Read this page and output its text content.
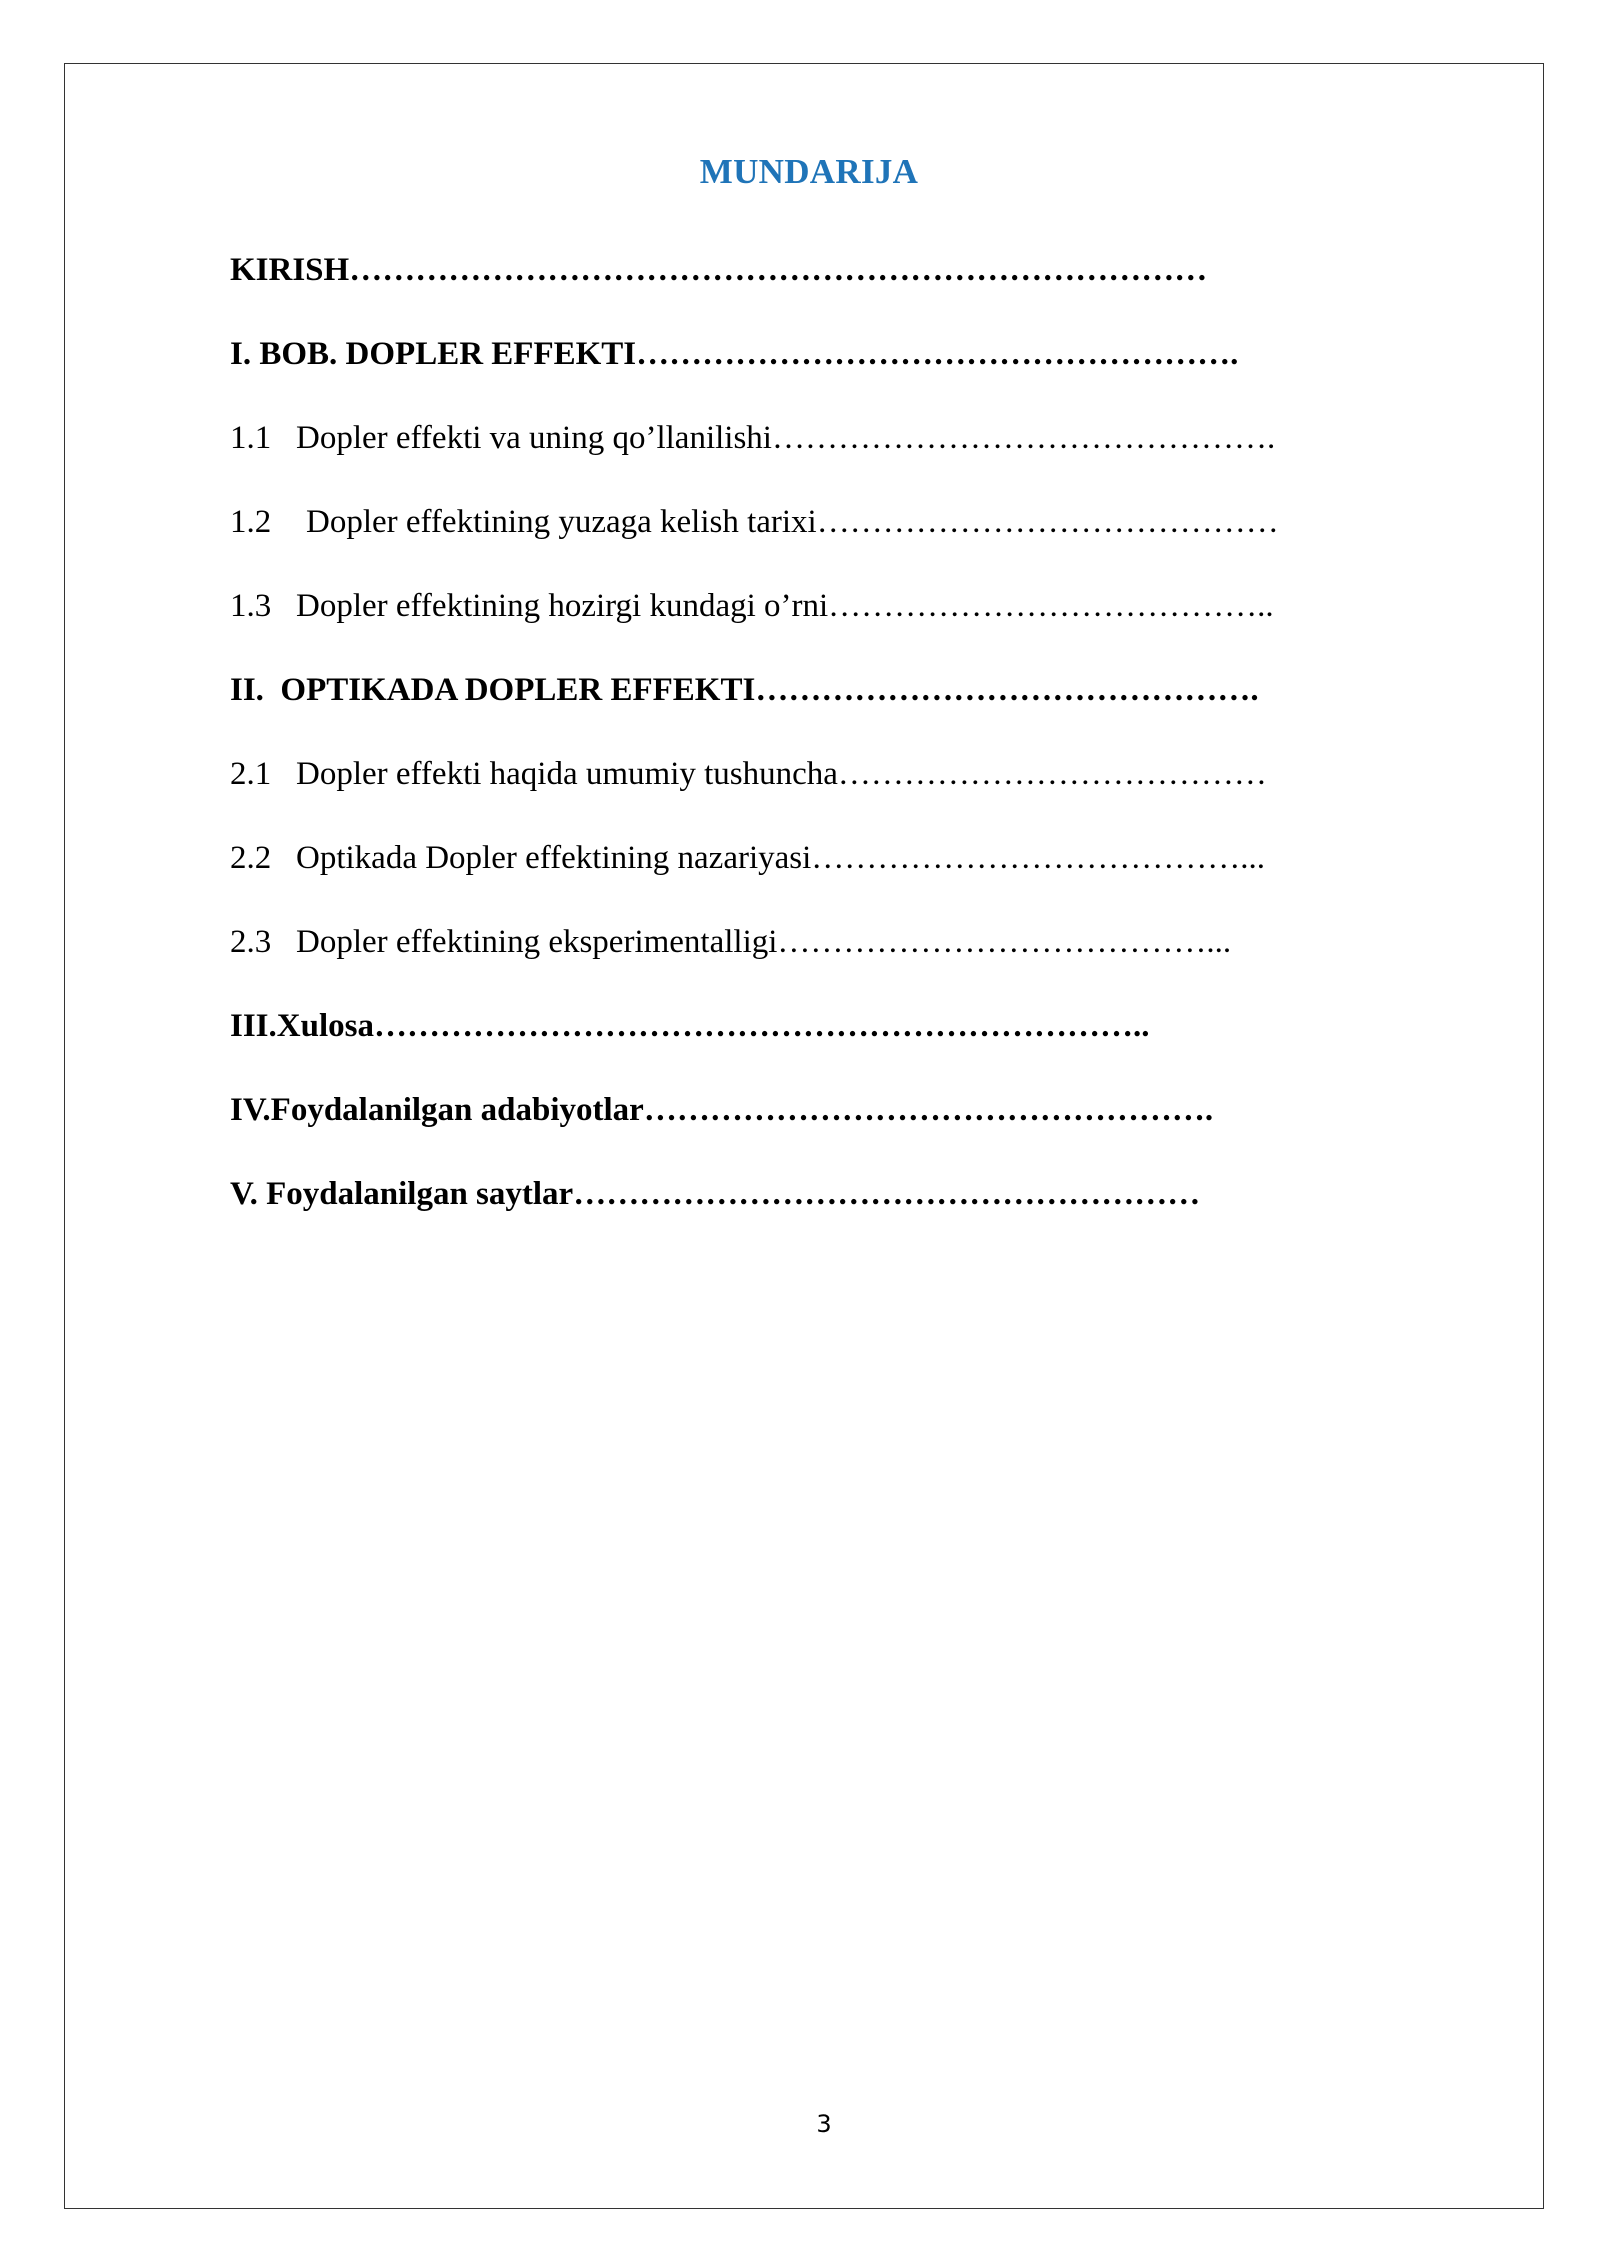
MUNDARIJA
KIRISH……………………………………………………………………
I. BOB. DOPLER EFFEKTI……………………………………………….
1.1 Dopler effekti va uning qo’llanilishi……………………………………….
1.2 Dopler effektining yuzaga kelish tarixi……………………………………
1.3 Dopler effektining hozirgi kundagi o’rni…………………………………..
II.  OPTIKADA DOPLER EFFEKTI……………………………………….
2.1 Dopler effekti haqida umumiy tushuncha…………………………………
2.2 Optikada Dopler effektining nazariyasi…………………………………...
2.3 Dopler effektining eksperimentalligi…………………………………...
III.Xulosa……………………………………………………………..
IV.Foydalanilgan adabiyotlar…………………………………………….
V. Foydalanilgan saytlar…………………………………………………
3
